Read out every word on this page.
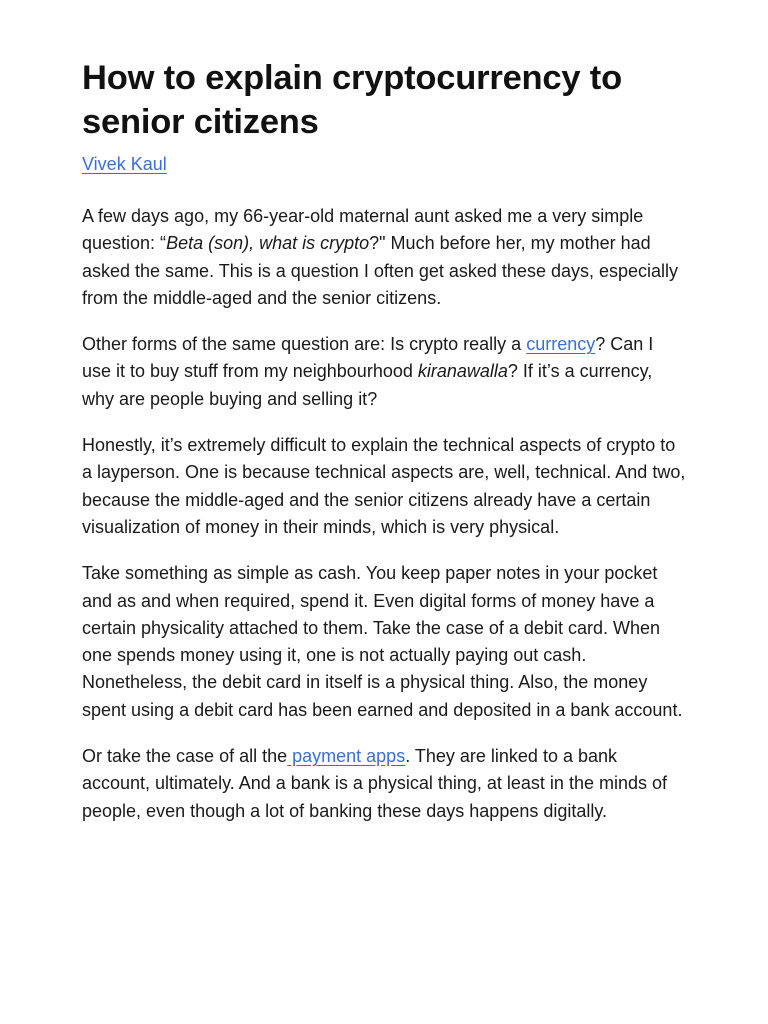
How to explain cryptocurrency to senior citizens
Vivek Kaul

A few days ago, my 66-year-old maternal aunt asked me a very simple question: “Beta (son), what is crypto?" Much before her, my mother had asked the same. This is a question I often get asked these days, especially from the middle-aged and the senior citizens.

Other forms of the same question are: Is crypto really a currency? Can I use it to buy stuff from my neighbourhood kiranawalla? If it’s a currency, why are people buying and selling it?

Honestly, it’s extremely difficult to explain the technical aspects of crypto to a layperson. One is because technical aspects are, well, technical. And two, because the middle-aged and the senior citizens already have a certain visualization of money in their minds, which is very physical.

Take something as simple as cash. You keep paper notes in your pocket and as and when required, spend it. Even digital forms of money have a certain physicality attached to them. Take the case of a debit card. When one spends money using it, one is not actually paying out cash. Nonetheless, the debit card in itself is a physical thing. Also, the money spent using a debit card has been earned and deposited in a bank account.

Or take the case of all the payment apps. They are linked to a bank account, ultimately. And a bank is a physical thing, at least in the minds of people, even though a lot of banking these days happens digitally.
